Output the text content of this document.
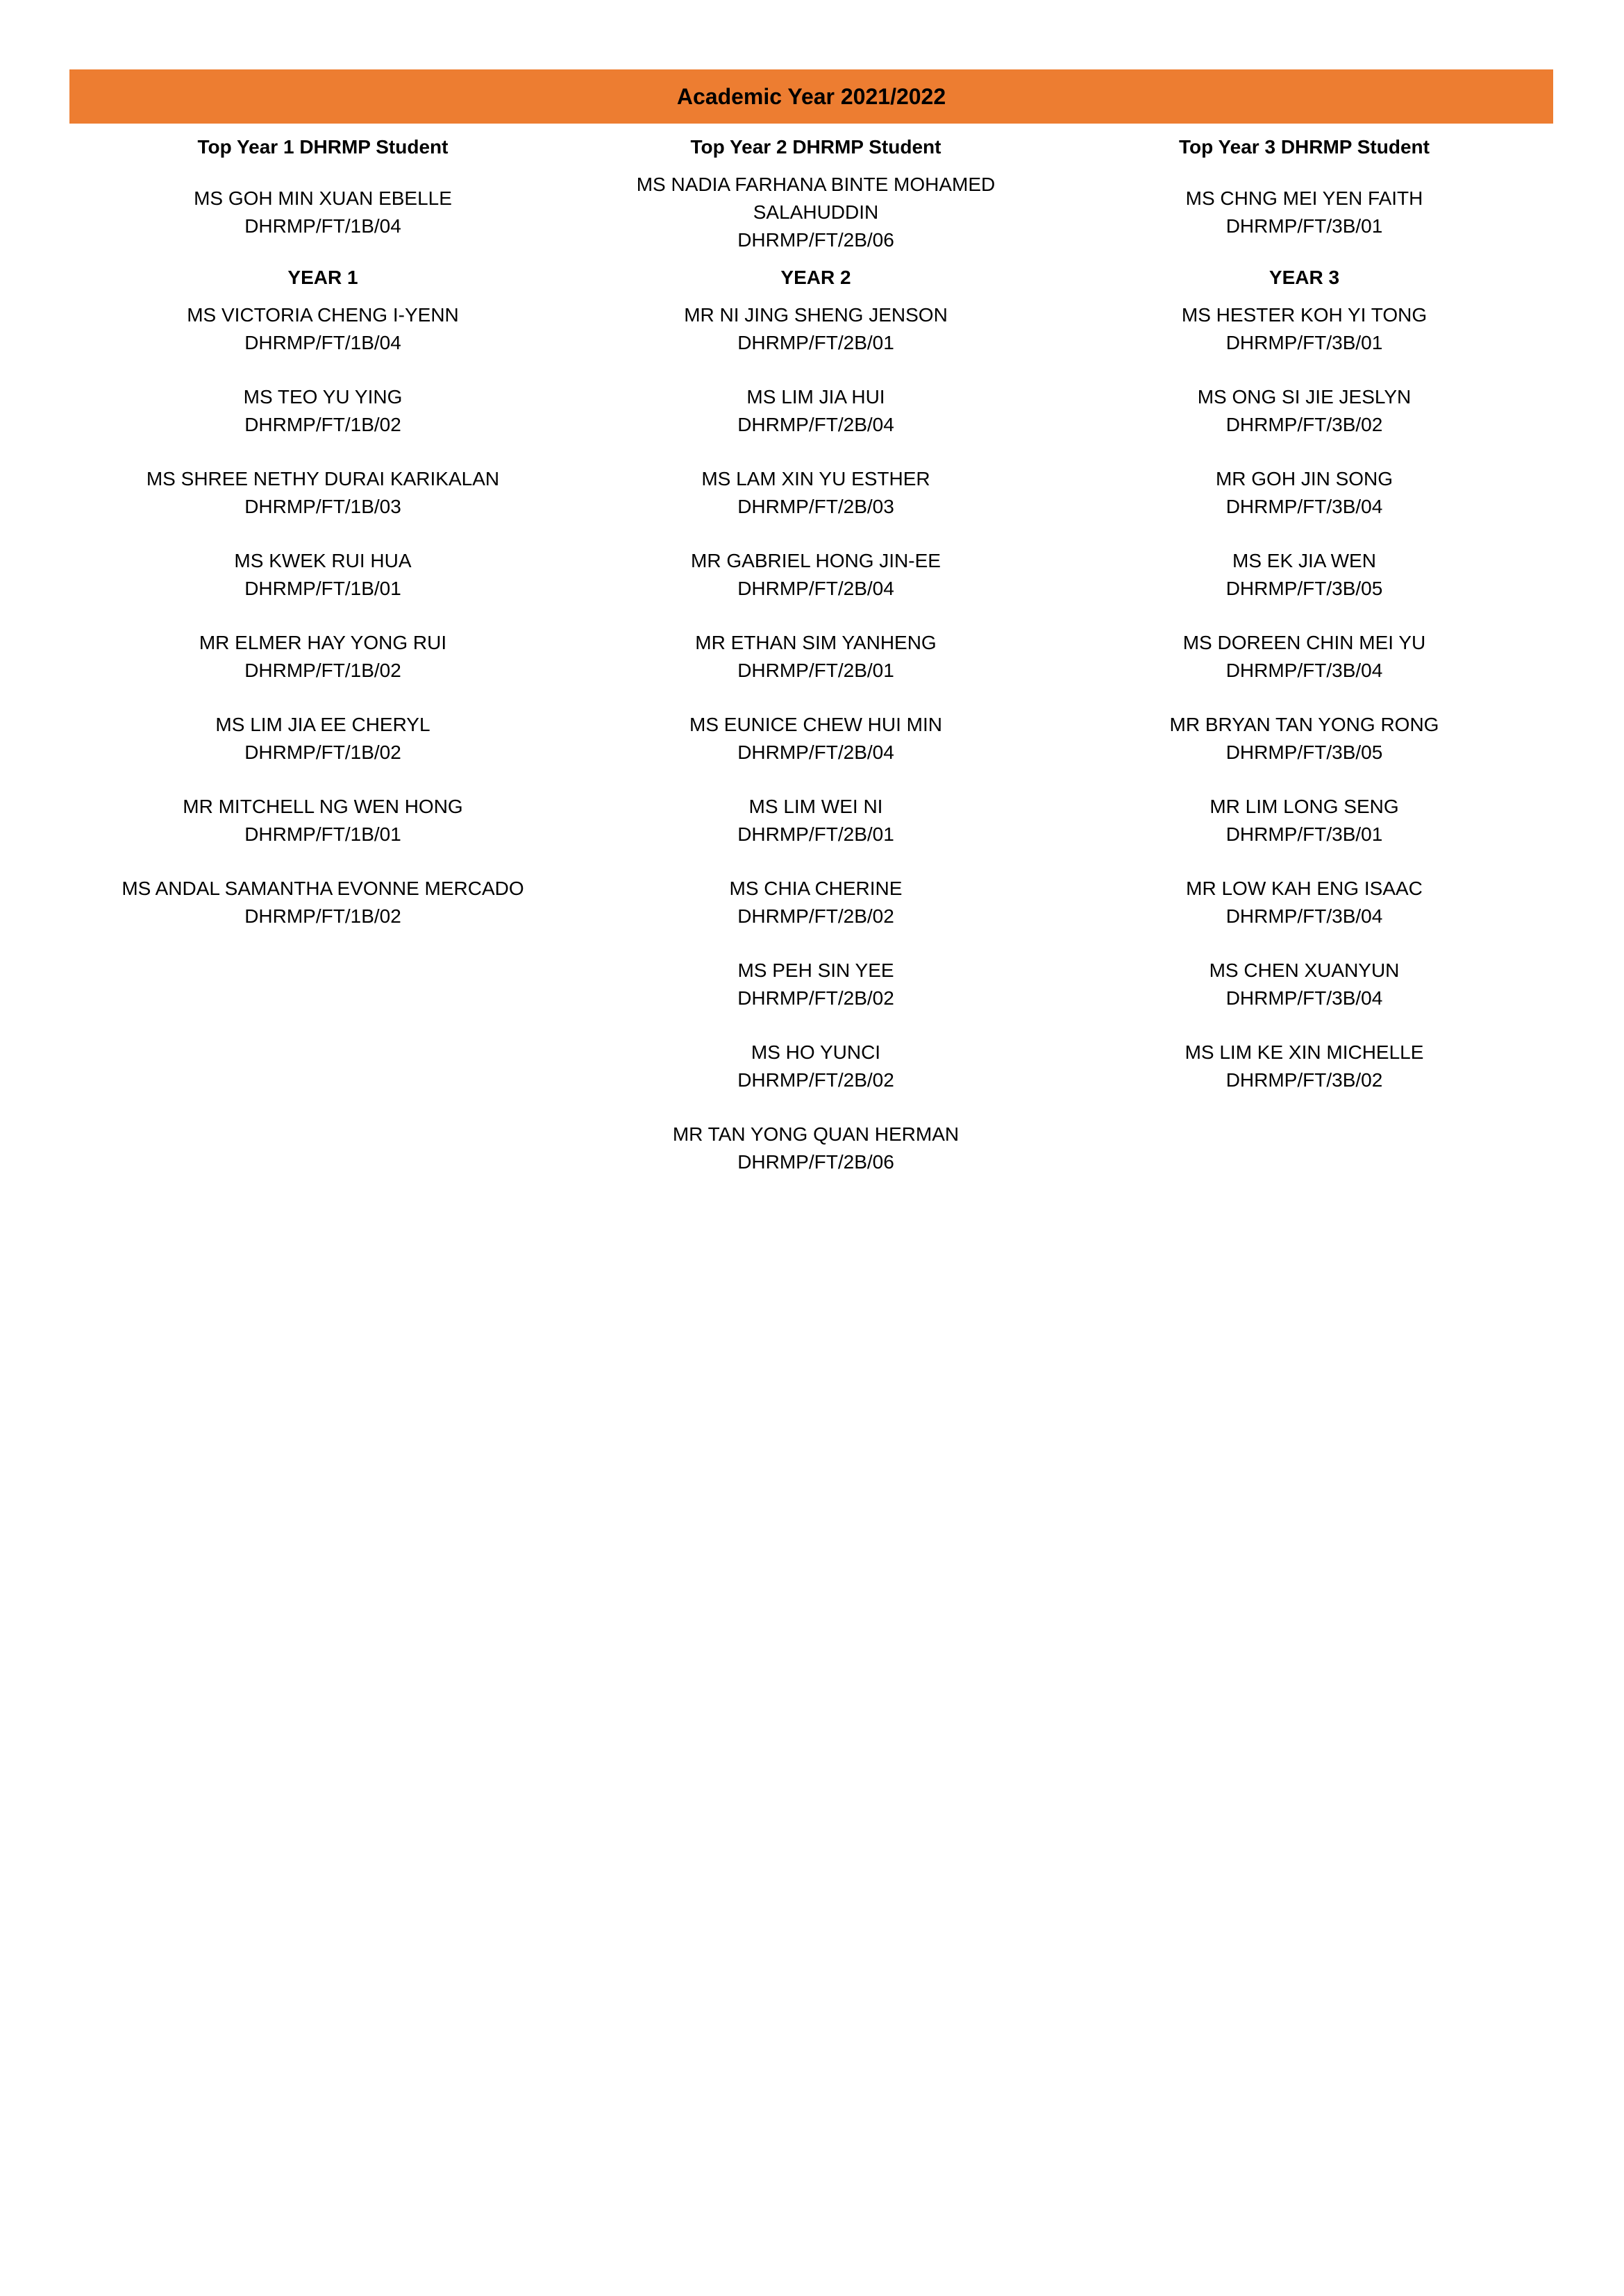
Academic Year 2021/2022
Top Year 1 DHRMP Student
MS GOH MIN XUAN EBELLE
DHRMP/FT/1B/04
YEAR 1
MS VICTORIA CHENG I-YENN
DHRMP/FT/1B/04
MS TEO YU YING
DHRMP/FT/1B/02
MS SHREE NETHY DURAI KARIKALAN
DHRMP/FT/1B/03
MS KWEK RUI HUA
DHRMP/FT/1B/01
MR ELMER HAY YONG RUI
DHRMP/FT/1B/02
MS LIM JIA EE CHERYL
DHRMP/FT/1B/02
MR MITCHELL NG WEN HONG
DHRMP/FT/1B/01
MS ANDAL SAMANTHA EVONNE MERCADO
DHRMP/FT/1B/02
Top Year 2 DHRMP Student
MS NADIA FARHANA BINTE MOHAMED
SALAHUDDIN
DHRMP/FT/2B/06
YEAR 2
MR NI JING SHENG JENSON
DHRMP/FT/2B/01
MS LIM JIA HUI
DHRMP/FT/2B/04
MS LAM XIN YU ESTHER
DHRMP/FT/2B/03
MR GABRIEL HONG JIN-EE
DHRMP/FT/2B/04
MR ETHAN SIM YANHENG
DHRMP/FT/2B/01
MS EUNICE CHEW HUI MIN
DHRMP/FT/2B/04
MS LIM WEI NI
DHRMP/FT/2B/01
MS CHIA CHERINE
DHRMP/FT/2B/02
MS PEH SIN YEE
DHRMP/FT/2B/02
MS HO YUNCI
DHRMP/FT/2B/02
MR TAN YONG QUAN HERMAN
DHRMP/FT/2B/06
Top Year 3 DHRMP Student
MS CHNG MEI YEN FAITH
DHRMP/FT/3B/01
YEAR 3
MS HESTER KOH YI TONG
DHRMP/FT/3B/01
MS ONG SI JIE JESLYN
DHRMP/FT/3B/02
MR GOH JIN SONG
DHRMP/FT/3B/04
MS EK JIA WEN
DHRMP/FT/3B/05
MS DOREEN CHIN MEI YU
DHRMP/FT/3B/04
MR BRYAN TAN YONG RONG
DHRMP/FT/3B/05
MR LIM LONG SENG
DHRMP/FT/3B/01
MR LOW KAH ENG ISAAC
DHRMP/FT/3B/04
MS CHEN XUANYUN
DHRMP/FT/3B/04
MS LIM KE XIN MICHELLE
DHRMP/FT/3B/02
